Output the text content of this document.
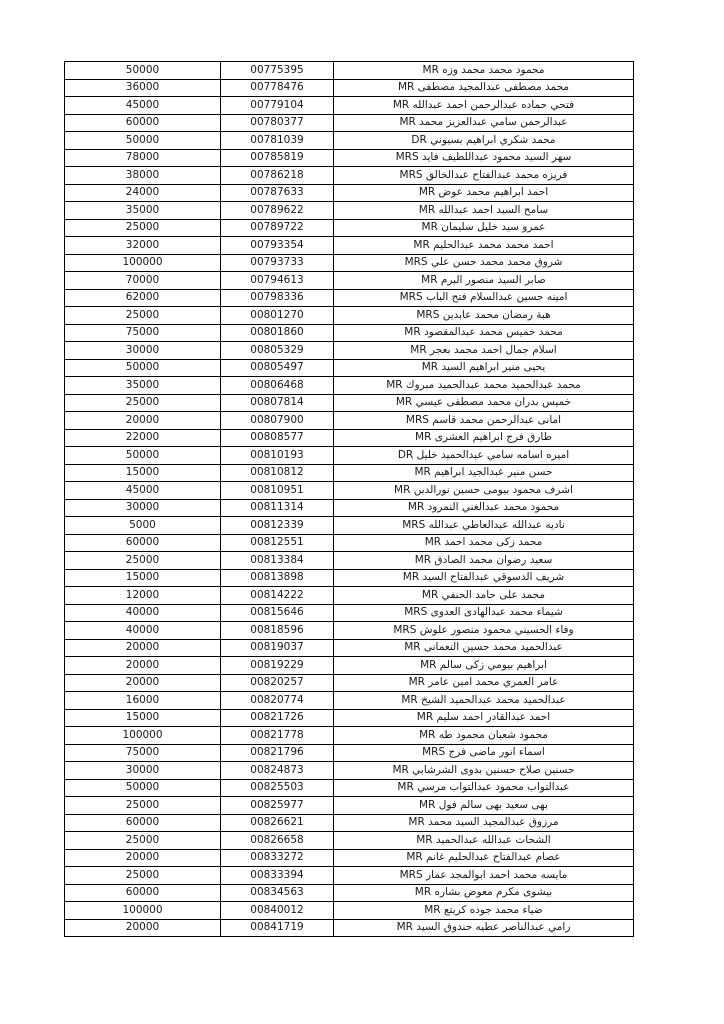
محمود محمد محمد وزه MR	00775395	50000
محمد مصطفى عبدالمجيد مصطفى MR	00778476	36000
فتحي حماده عبدالرحمن احمد عبدالله MR	00779104	45000
عبدالرحمن سامي عبدالعزيز محمد MR	00780377	60000
محمد شكري ابراهيم بسيوني DR	00781039	50000
سهر السيد محمود عبداللطيف فايد MRS	00785819	78000
فريزه محمد عبدالفتاح عبدالخالق MRS	00786218	38000
احمد ابراهيم محمد عوض MR	00787633	24000
سامح السيد احمد عبدالله MR	00789622	35000
عمرو سيد خليل سليمان MR	00789722	25000
احمد محمد محمد عبدالحليم MR	00793354	32000
شروق محمد محمد حسن علي MRS	00793733	100000
صابر السيد منصور البرم MR	00794613	70000
امينه حسين عبدالسلام فتح الباب MRS	00798336	62000
هبة رمضان محمد عابدين MRS	00801270	25000
محمد خميس محمد عبدالمقصود MR	00801860	75000
اسلام جمال احمد محمد بعجر MR	00805329	30000
يحيى منير ابراهيم السيد MR	00805497	50000
محمد عبدالحميد محمد عبدالحميد مبروك MR	00806468	35000
خميس بدران محمد مصطفى عيسي MR	00807814	25000
امانى عبدالرحمن محمد قاسم MRS	00807900	20000
طارق فرج ابراهيم العشرى MR	00808577	22000
اميره اسامه سامي عبدالحميد خليل DR	00810193	50000
حسن منير عبدالجيد ابراهيم MR	00810812	15000
اشرف محمود بيومى حسين نورالدين MR	00810951	45000
محمود محمد عبدالغني النمرود MR	00811314	30000
ناديه عبدالله عبدالعاطي عبدالله MRS	00812339	5000
محمد زكى محمد احمد MR	00812551	60000
سعيد رضوان محمد الصادق MR	00813384	25000
شريف الدسوقي عبدالفتاح السيد MR	00813898	15000
محمد على حامد الحنفي MR	00814222	12000
شيماء محمد عبدالهادى العدوى MRS	00815646	40000
وفاء الحسيني محمود منصور علوش MRS	00818596	40000
عبدالحميد محمد حسين النعمانى MR	00819037	20000
ابراهيم بيومي زكى سالم MR	00819229	20000
عامر العمري محمد امين عامر MR	00820257	20000
عبدالحميد محمد عبدالحميد الشيخ MR	00820774	16000
احمد عبدالقادر احمد سليم MR	00821726	15000
محمود شعبان محمود طه MR	00821778	100000
اسماء انور ماضى فرج MRS	00821796	75000
حسنين صلاح حسنين بدوى الشرشابي MR	00824873	30000
عبدالتواب محمود عبدالتواب مرسي MR	00825503	50000
بهى سعيد بهى سالم فول MR	00825977	25000
مرزوق عبدالمجيد السيد محمد MR	00826621	60000
الشحات عبدالله عبدالحميد MR	00826658	25000
عصام عبدالفتاح عبدالحليم غانم MR	00833272	20000
مايسه محمد احمد ابوالمجد عمار MRS	00833394	25000
بيشوى مكرم معوض بشاره MR	00834563	60000
ضياء محمد جوده كريتع MR	00840012	100000
رامي عبدالناصر عطيه حندوق السيد MR	00841719	20000
